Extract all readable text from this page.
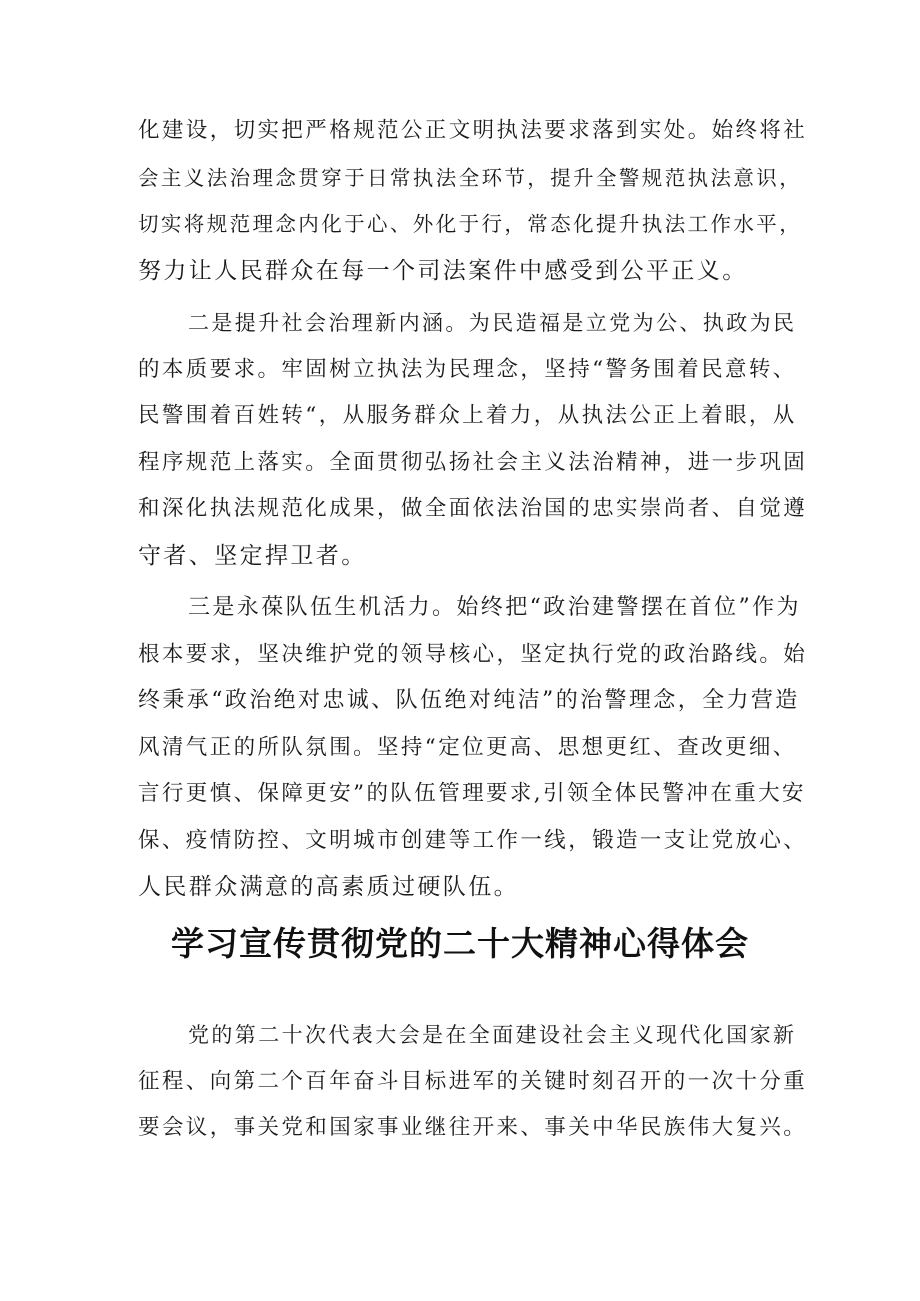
化建设，切实把严格规范公正文明执法要求落到实处。始终将社
会主义法治理念贯穿于日常执法全环节，提升全警规范执法意识，
切实将规范理念内化于心、外化于行，常态化提升执法工作水平，
努力让人民群众在每一个司法案件中感受到公平正义。
二是提升社会治理新内涵。为民造福是立党为公、执政为民
的本质要求。牢固树立执法为民理念，坚持“警务围着民意转、
民警围着百姓转“，从服务群众上着力，从执法公正上着眼，从
程序规范上落实。全面贯彻弘扬社会主义法治精神，进一步巩固
和深化执法规范化成果，做全面依法治国的忠实崇尚者、自觉遵
守者、坚定捍卫者。
三是永葆队伍生机活力。始终把“政治建警摆在首位”作为
根本要求，坚决维护党的领导核心，坚定执行党的政治路线。始
终秉承“政治绝对忠诚、队伍绝对纯洁”的治警理念，全力营造
风清气正的所队氛围。坚持“定位更高、思想更红、查改更细、
言行更慎、保障更安”的队伍管理要求,引领全体民警冲在重大安
保、疫情防控、文明城市创建等工作一线，锻造一支让党放心、
人民群众满意的高素质过硬队伍。
学习宣传贯彻党的二十大精神心得体会
党的第二十次代表大会是在全面建设社会主义现代化国家新
征程、向第二个百年奋斗目标进军的关键时刻召开的一次十分重
要会议，事关党和国家事业继往开来、事关中华民族伟大复兴。
